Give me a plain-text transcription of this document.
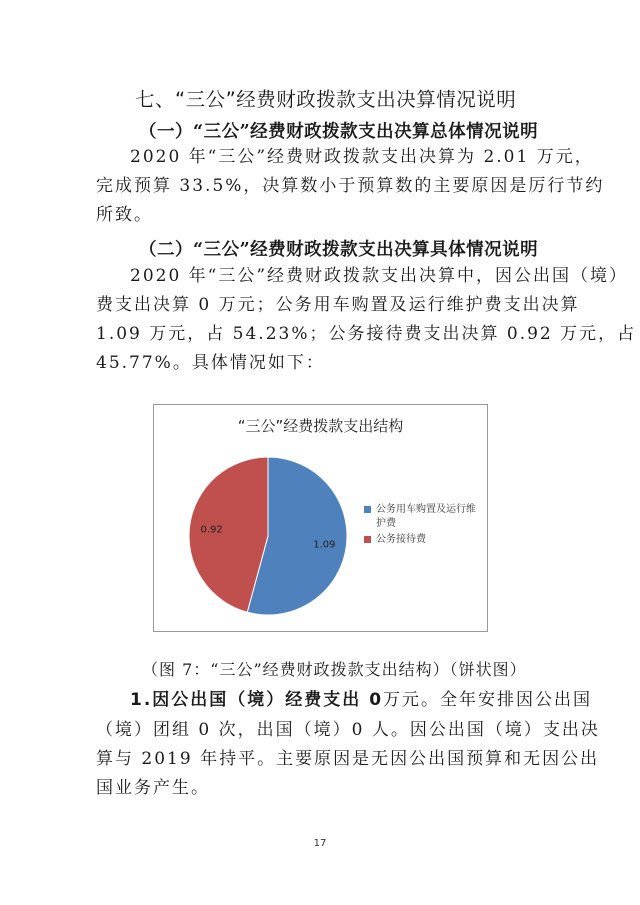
七、“三公”经费财政拨款支出决算情况说明
（一）“三公”经费财政拨款支出决算总体情况说明
2020 年“三公”经费财政拨款支出决算为 2.01 万元，
完成预算 33.5%，决算数小于预算数的主要原因是厉行节约
所致。
（二）“三公”经费财政拨款支出决算具体情况说明
2020 年“三公”经费财政拨款支出决算中，因公出国（境）
费支出决算 0 万元；公务用车购置及运行维护费支出决算
1.09 万元，占 54.23%；公务接待费支出决算 0.92 万元，占
45.77%。具体情况如下：
“三公”经费拨款支出结构
1.09
0.92
公务用车购置及运行维护费
公务接待费
（图 7：“三公”经费财政拨款支出结构）（饼状图）
1.因公出国（境）经费支出 0万元。全年安排因公出国
（境）团组 0 次，出国（境）0 人。因公出国（境）支出决
算与 2019 年持平。主要原因是无因公出国预算和无因公出
国业务产生。
17
